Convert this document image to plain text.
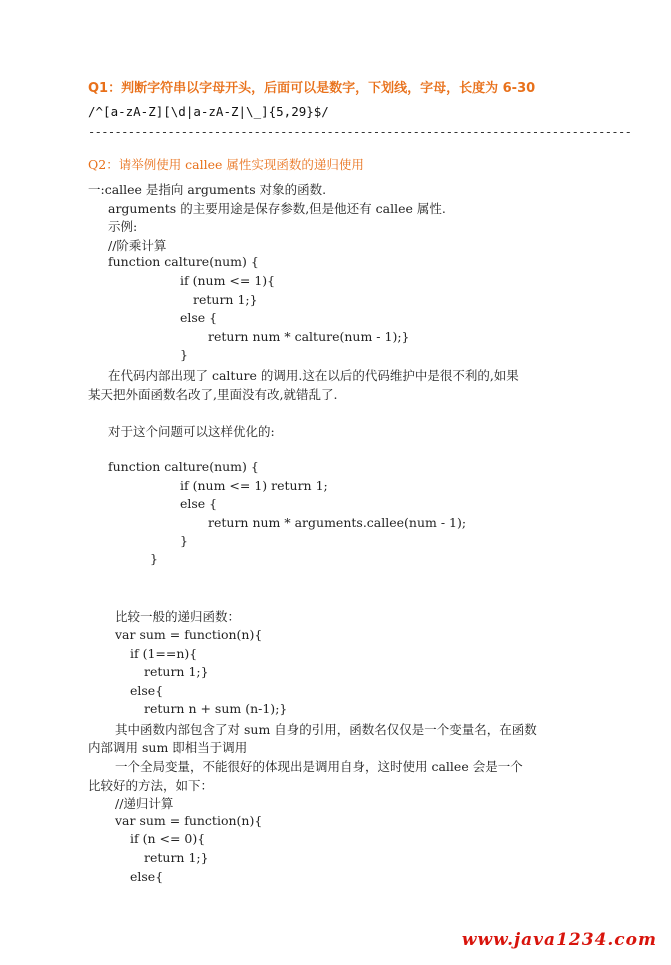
Q1：判断字符串以字母开头，后面可以是数字，下划线，字母，长度为 6-30
/^[a-zA-Z][\d|a-zA-Z|\_]{5,29}$/
----------------------------------------------------------------------------------
Q2：请举例使用 callee 属性实现函数的递归使用
一:callee 是指向 arguments 对象的函数.
arguments 的主要用途是保存参数,但是他还有 callee 属性.
示例:
//阶乘计算
function calture(num) {
if (num <= 1){
return 1;}
else {
return num * calture(num - 1);}
}
在代码内部出现了 calture 的调用.这在以后的代码维护中是很不利的,如果
某天把外面函数名改了,里面没有改,就错乱了.
对于这个问题可以这样优化的:
function calture(num) {
if (num <= 1) return 1;
else {
return num * arguments.callee(num - 1);
}
}
比较一般的递归函数：
var sum = function(n){
if (1==n){
return 1;}
else{
return n + sum (n-1);}
其中函数内部包含了对 sum 自身的引用，函数名仅仅是一个变量名，在函数
内部调用 sum 即相当于调用
一个全局变量，不能很好的体现出是调用自身，这时使用 callee 会是一个
比较好的方法，如下：
//递归计算
var sum = function(n){
if (n <= 0){
return 1;}
else{
www.java1234.com
